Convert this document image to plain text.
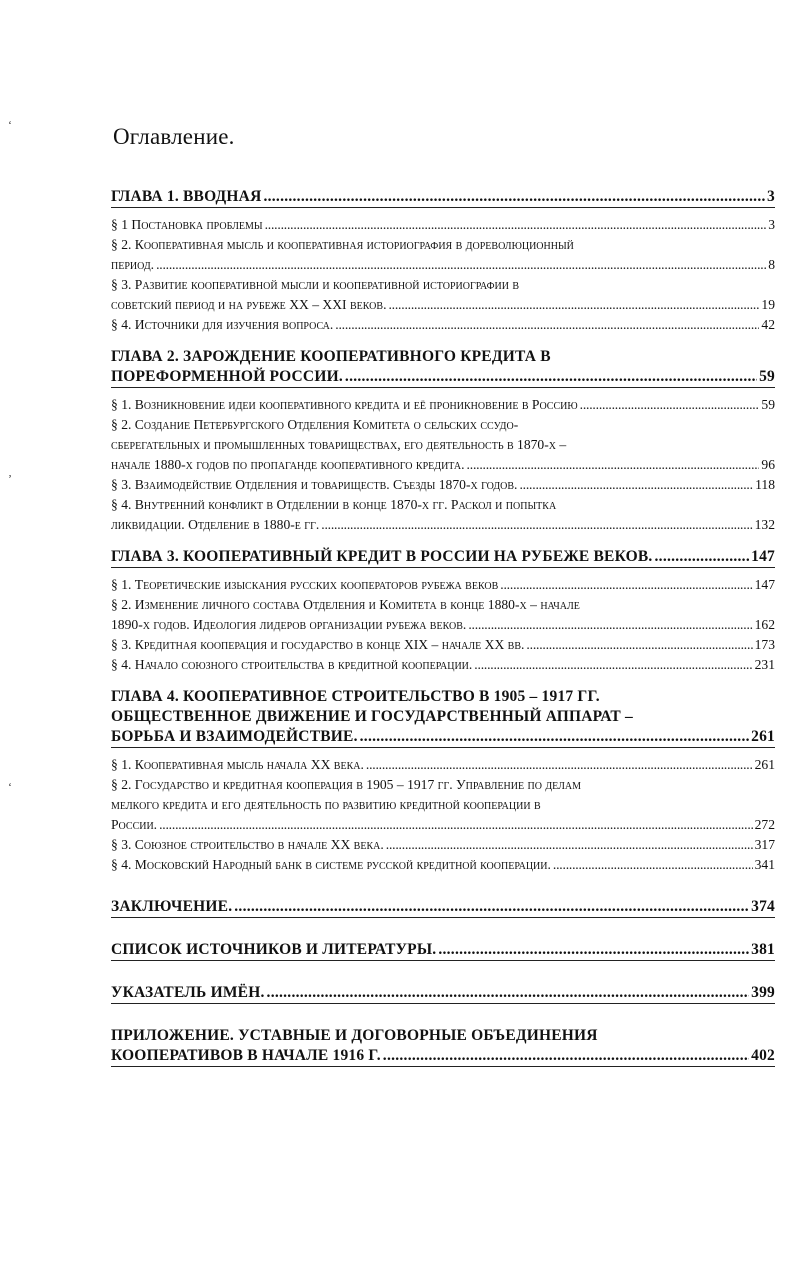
Оглавление.
ГЛАВА 1. ВВОДНАЯ . . .	3
§ 1 Постановка проблемы . . .	3
§ 2. Кооперативная мысль и кооперативная историография в дореволюционный
период. . . .	8
§ 3. Развитие кооперативной мысли и кооперативной историографии в
советский период и на рубеже XX – XXI веков. . . .	19
§ 4. Источники для изучения вопроса. . . .	42
ГЛАВА 2. ЗАРОЖДЕНИЕ КООПЕРАТИВНОГО КРЕДИТА В
ПОРЕФОРМЕННОЙ РОССИИ. . . .	59
§ 1. Возникновение идеи кооперативного кредита и её проникновение в Россию . . .	59
§ 2. Создание Петербургского Отделения Комитета о сельских ссудо-
сберегательных и промышленных товариществах, его деятельность в 1870-х –
начале 1880-х годов по пропаганде кооперативного кредита. . . .	96
§ 3. Взаимодействие Отделения и товариществ. Съезды 1870-х годов. . . .	118
§ 4. Внутренний конфликт в Отделении в конце 1870-х гг. Раскол и попытка
ликвидации. Отделение в 1880-е гг. . . .	132
ГЛАВА 3. КООПЕРАТИВНЫЙ КРЕДИТ В РОССИИ НА РУБЕЖЕ ВЕКОВ. . . .	147
§ 1. Теоретические изыскания русских кооператоров рубежа веков . . .	147
§ 2. Изменение личного состава Отделения и Комитета в конце 1880-х – начале
1890-х годов. Идеология лидеров организации рубежа веков. . . .	162
§ 3. Кредитная кооперация и государство в конце XIX – начале XX вв. . . .	173
§ 4. Начало союзного строительства в кредитной кооперации. . . .	231
ГЛАВА 4. КООПЕРАТИВНОЕ СТРОИТЕЛЬСТВО В 1905 – 1917 ГГ.
ОБЩЕСТВЕННОЕ ДВИЖЕНИЕ И ГОСУДАРСТВЕННЫЙ АППАРАТ –
БОРЬБА И ВЗАИМОДЕЙСТВИЕ. . . .	261
§ 1. Кооперативная мысль начала XX века. . . .	261
§ 2. Государство и кредитная кооперация в 1905 – 1917 гг. Управление по делам
мелкого кредита и его деятельность по развитию кредитной кооперации в
России. . . .	272
§ 3. Союзное строительство в начале XX века. . . .	317
§ 4. Московский Народный банк в системе русской кредитной кооперации. . . .	341
ЗАКЛЮЧЕНИЕ. . . .	374
СПИСОК ИСТОЧНИКОВ И ЛИТЕРАТУРЫ. . . .	381
УКАЗАТЕЛЬ ИМЁН. . . .	399
ПРИЛОЖЕНИЕ. УСТАВНЫЕ И ДОГОВОРНЫЕ ОБЪЕДИНЕНИЯ
КООПЕРАТИВОВ В НАЧАЛЕ 1916 Г. . . .	402
ʻ
ʼ
ʻ
